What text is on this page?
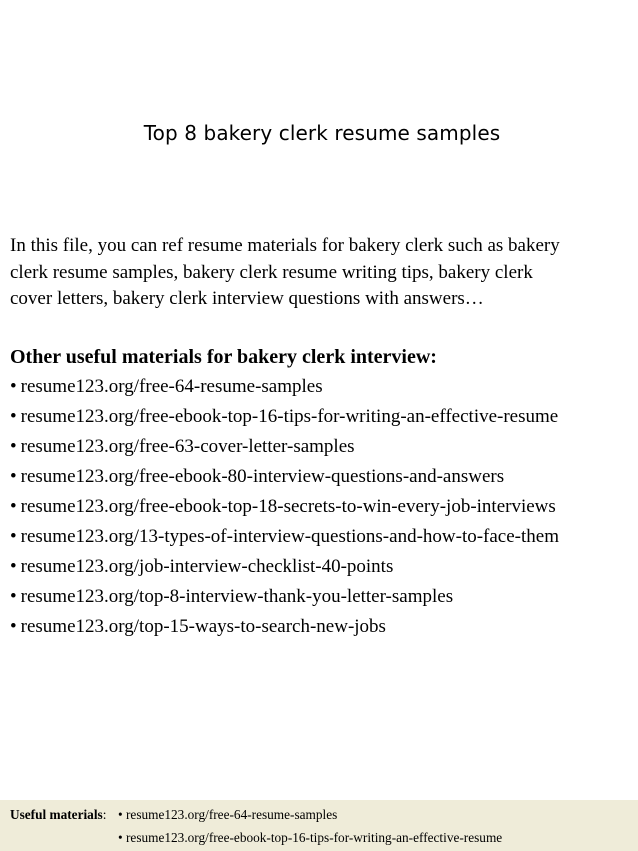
Top 8 bakery clerk resume samples

In this file, you can ref resume materials for bakery clerk such as bakery
clerk resume samples, bakery clerk resume writing tips, bakery clerk
cover letters, bakery clerk interview questions with answers…

Other useful materials for bakery clerk interview:
• resume123.org/free-64-resume-samples
• resume123.org/free-ebook-top-16-tips-for-writing-an-effective-resume
• resume123.org/free-63-cover-letter-samples
• resume123.org/free-ebook-80-interview-questions-and-answers
• resume123.org/free-ebook-top-18-secrets-to-win-every-job-interviews
• resume123.org/13-types-of-interview-questions-and-how-to-face-them
• resume123.org/job-interview-checklist-40-points
• resume123.org/top-8-interview-thank-you-letter-samples
• resume123.org/top-15-ways-to-search-new-jobs
Useful materials: • resume123.org/free-64-resume-samples
• resume123.org/free-ebook-top-16-tips-for-writing-an-effective-resume
